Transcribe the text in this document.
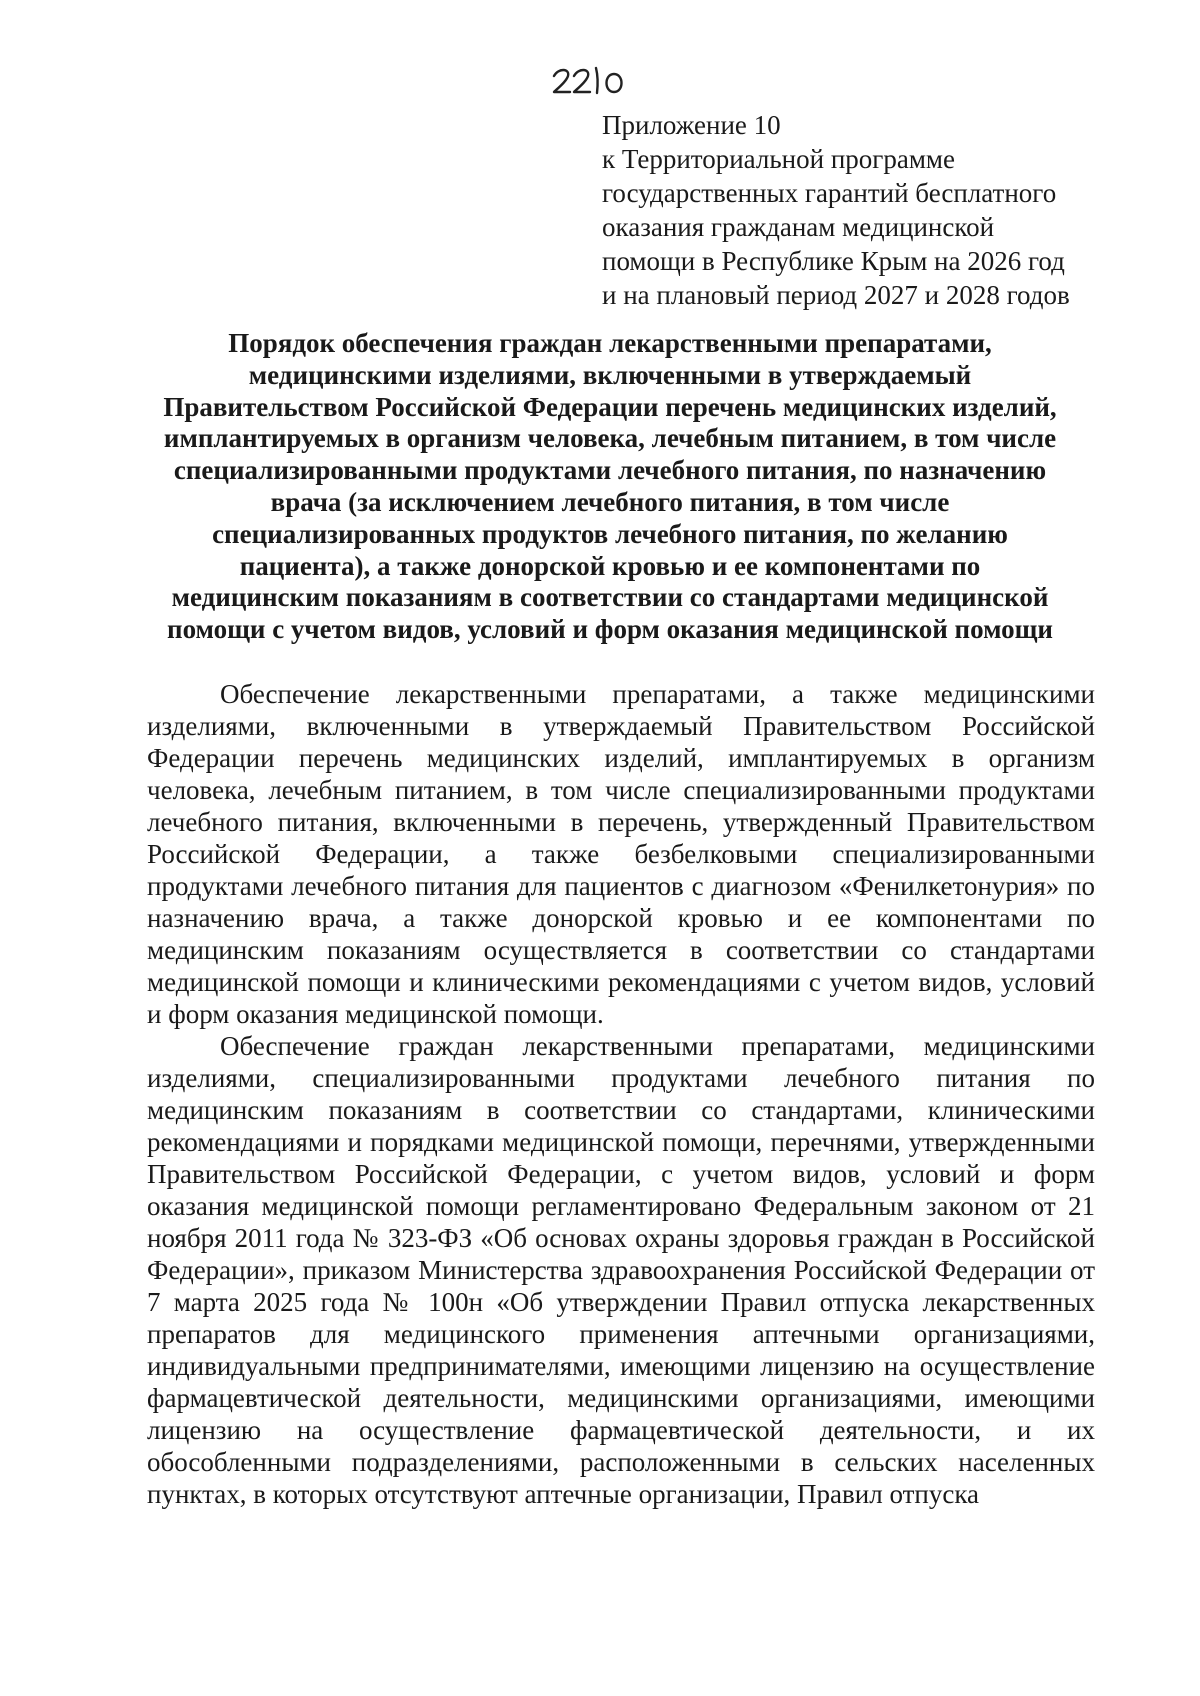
Приложение 10
к Территориальной программе
государственных гарантий бесплатного
оказания гражданам медицинской
помощи в Республике Крым на 2026 год
и на плановый период 2027 и 2028 годов
Порядок обеспечения граждан лекарственными препаратами,
медицинскими изделиями, включенными в утверждаемый
Правительством Российской Федерации перечень медицинских изделий,
имплантируемых в организм человека, лечебным питанием, в том числе
специализированными продуктами лечебного питания, по назначению
врача (за исключением лечебного питания, в том числе
специализированных продуктов лечебного питания, по желанию
пациента), а также донорской кровью и ее компонентами по
медицинским показаниям в соответствии со стандартами медицинской
помощи с учетом видов, условий и форм оказания медицинской помощи

Обеспечение лекарственными препаратами, а также медицинскими изделиями, включенными в утверждаемый Правительством Российской Федерации перечень медицинских изделий, имплантируемых в организм человека, лечебным питанием, в том числе специализированными продуктами лечебного питания, включенными в перечень, утвержденный Правительством Российской Федерации, а также безбелковыми специализированными продуктами лечебного питания для пациентов с диагнозом «Фенилкетонурия» по назначению врача, а также донорской кровью и ее компонентами по медицинским показаниям осуществляется в соответствии со стандартами медицинской помощи и клиническими рекомендациями с учетом видов, условий и форм оказания медицинской помощи.

Обеспечение граждан лекарственными препаратами, медицинскими изделиями, специализированными продуктами лечебного питания по медицинским показаниям в соответствии со стандартами, клиническими рекомендациями и порядками медицинской помощи, перечнями, утвержденными Правительством Российской Федерации, с учетом видов, условий и форм оказания медицинской помощи регламентировано Федеральным законом от 21 ноября 2011 года № 323-ФЗ «Об основах охраны здоровья граждан в Российской Федерации», приказом Министерства здравоохранения Российской Федерации от 7 марта 2025 года № 100н «Об утверждении Правил отпуска лекарственных препаратов для медицинского применения аптечными организациями, индивидуальными предпринимателями, имеющими лицензию на осуществление фармацевтической деятельности, медицинскими организациями, имеющими лицензию на осуществление фармацевтической деятельности, и их обособленными подразделениями, расположенными в сельских населенных пунктах, в которых отсутствуют аптечные организации, Правил отпуска
